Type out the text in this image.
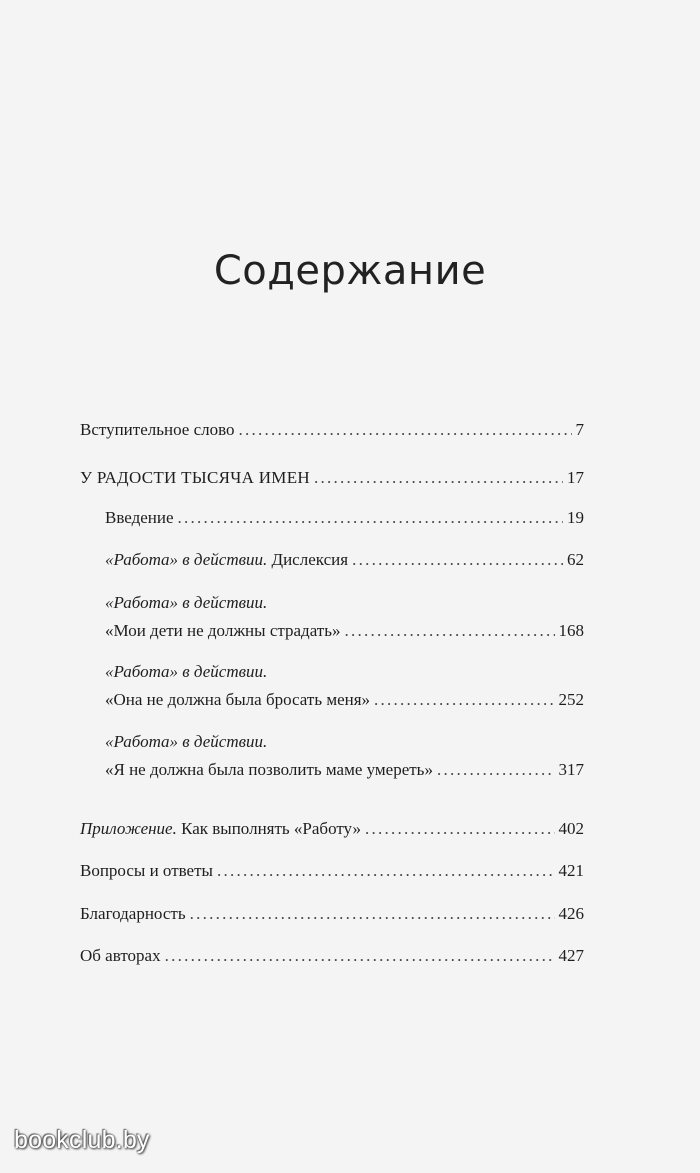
Содержание
Вступительное слово . . .	7
У РАДОСТИ ТЫСЯЧА ИМЕН . . .	17
Введение . . .	19
«Работа» в действии. Дислексия . . .	62
«Работа» в действии.
«Мои дети не должны страдать» . . .	168
«Работа» в действии.
«Она не должна была бросать меня» . . .	252
«Работа» в действии.
«Я не должна была позволить маме умереть» . . .	317
Приложение. Как выполнять «Работу» . . .	402
Вопросы и ответы . . .	421
Благодарность . . .	426
Об авторах . . .	427
bookclub.by
